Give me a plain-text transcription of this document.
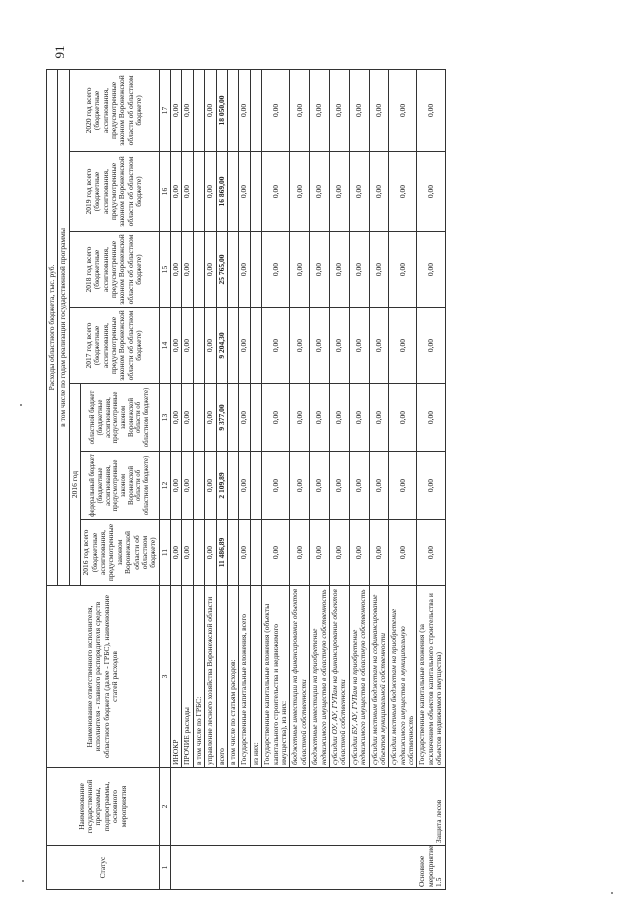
91
Статус	Наименование государственной программы, подпрограммы, основного мероприятия	Наименование ответственного исполнителя, исполнителя - главного распорядителя средств областного бюджета (далее - ГРБС), наименование статей расходов	Расходы областного бюджета, тыс. руб.						
			в том числе по годам реализации государственной программы						
			2016 год			2017 год всего (бюджетные ассигнования, предусмотренные законом Воронежской области об областном бюджете)	2018 год всего (бюджетные ассигнования, предусмотренные законом Воронежской области об областном бюджете)	2019 год всего (бюджетные ассигнования, предусмотренные законом Воронежской области об областном бюджете)	2020 год всего (бюджетные ассигнования, предусмотренные законом Воронежской области об областном бюджете)
			2016 год всего (бюджетные ассигнования, предусмотренные законом Воронежской области об областном бюджете)	федеральный бюджет (бюджетные ассигнования, предусмотренные законом Воронежской области об областном бюджете)	областной бюджет (бюджетные ассигнования, предусмотренные законом Воронежской области об областном бюджете)				
1	2	3	11	12	13	14	15	16	17
Основное мероприятие 1.5	Защита лесов	ИНОКР	0,00	0,00	0,00	0,00	0,00	0,00	0,00
		ПРОЧИЕ расходы	0,00	0,00	0,00	0,00	0,00	0,00	0,00
		в том числе по ГРБС:							
		управление лесного хозяйства Воронежской области	0,00	0,00	0,00	0,00	0,00	0,00	0,00
		всего	11 486,89	2 109,89	9 377,00	9 204,30	25 765,00	16 869,00	18 050,00
		в том числе по статьям расходов:							
		Государственные капитальные вложения, всего	0,00	0,00	0,00	0,00	0,00	0,00	0,00
		из них:							
		Государственные капитальные вложения (объекты капитального строительства и недвижимого имущества), из них:	0,00	0,00	0,00	0,00	0,00	0,00	0,00
		бюджетные инвестиции на финансирование объектов областной собственности	0,00	0,00	0,00	0,00	0,00	0,00	0,00
		бюджетные инвестиции на приобретение недвижимого имущества в областную собственность	0,00	0,00	0,00	0,00	0,00	0,00	0,00
		субсидии ОУ, АУ, ГУПам на финансирование объектов областной собственности	0,00	0,00	0,00	0,00	0,00	0,00	0,00
		субсидии БУ, АУ, ГУПам на приобретение недвижимого имущества в областную собственность	0,00	0,00	0,00	0,00	0,00	0,00	0,00
		субсидии местным бюджетам на софинансирование объектов муниципальной собственности	0,00	0,00	0,00	0,00	0,00	0,00	0,00
		субсидии местным бюджетам на приобретение недвижимого имущества в муниципальную собственность	0,00	0,00	0,00	0,00	0,00	0,00	0,00
		Государственные капитальные вложения (за исключением объектов капитального строительства и объектов недвижимого имущества)	0,00	0,00	0,00	0,00	0,00	0,00	0,00
